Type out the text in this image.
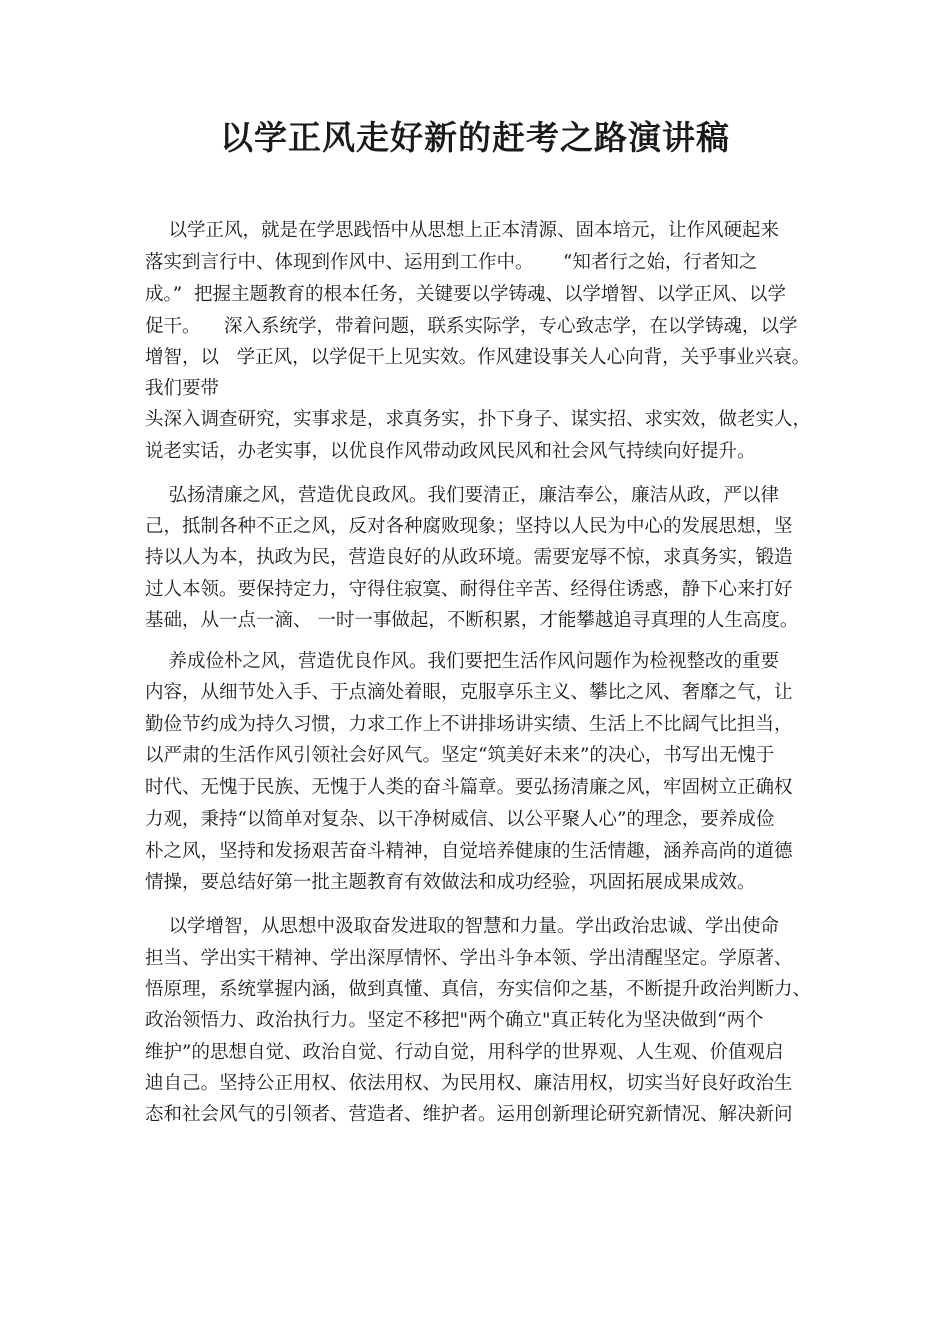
以学正风走好新的赶考之路演讲稿

以学正风，就是在学思践悟中从思想上正本清源、固本培元，让作风硬起来

落实到言行中、体现到作风中、运用到工作中。     “知者行之始，行者知之

成。”  把握主题教育的根本任务，关键要以学铸魂、以学增智、以学正风、以学

促干。    深入系统学，带着问题，联系实际学，专心致志学，在以学铸魂，以学

增智，以   学正风，以学促干上见实效。作风建设事关人心向背，关乎事业兴衰。

我们要带

头深入调查研究，实事求是，求真务实，扑下身子、谋实招、求实效，做老实人，

说老实话，办老实事，以优良作风带动政风民风和社会风气持续向好提升。

弘扬清廉之风，营造优良政风。我们要清正，廉洁奉公，廉洁从政，严以律

己，抵制各种不正之风，反对各种腐败现象；坚持以人民为中心的发展思想，坚

持以人为本，执政为民，营造良好的从政环境。需要宠辱不惊，求真务实，锻造

过人本领。要保持定力，守得住寂寞、耐得住辛苦、经得住诱惑，静下心来打好

基础，从一点一滴、 一时一事做起，不断积累，才能攀越追寻真理的人生高度。

养成俭朴之风，营造优良作风。我们要把生活作风问题作为检视整改的重要

内容，从细节处入手、于点滴处着眼，克服享乐主义、攀比之风、奢靡之气，让

勤俭节约成为持久习惯，力求工作上不讲排场讲实绩、生活上不比阔气比担当，

以严肃的生活作风引领社会好风气。坚定“筑美好未来”的决心，书写出无愧于

时代、无愧于民族、无愧于人类的奋斗篇章。要弘扬清廉之风，牢固树立正确权

力观，秉持“以简单对复杂、以干净树威信、以公平聚人心”的理念，要养成俭

朴之风，坚持和发扬艰苦奋斗精神，自觉培养健康的生活情趣，涵养高尚的道德

情操，要总结好第一批主题教育有效做法和成功经验，巩固拓展成果成效。

以学增智，从思想中汲取奋发进取的智慧和力量。学出政治忠诚、学出使命

担当、学出实干精神、学出深厚情怀、学出斗争本领、学出清醒坚定。学原著、

悟原理，系统掌握内涵，做到真懂、真信，夯实信仰之基，不断提升政治判断力、

政治领悟力、政治执行力。坚定不移把"两个确立"真正转化为坚决做到“两个

维护”的思想自觉、政治自觉、行动自觉，用科学的世界观、人生观、价值观启

迪自己。坚持公正用权、依法用权、为民用权、廉洁用权，切实当好良好政治生

态和社会风气的引领者、营造者、维护者。运用创新理论研究新情况、解决新问
